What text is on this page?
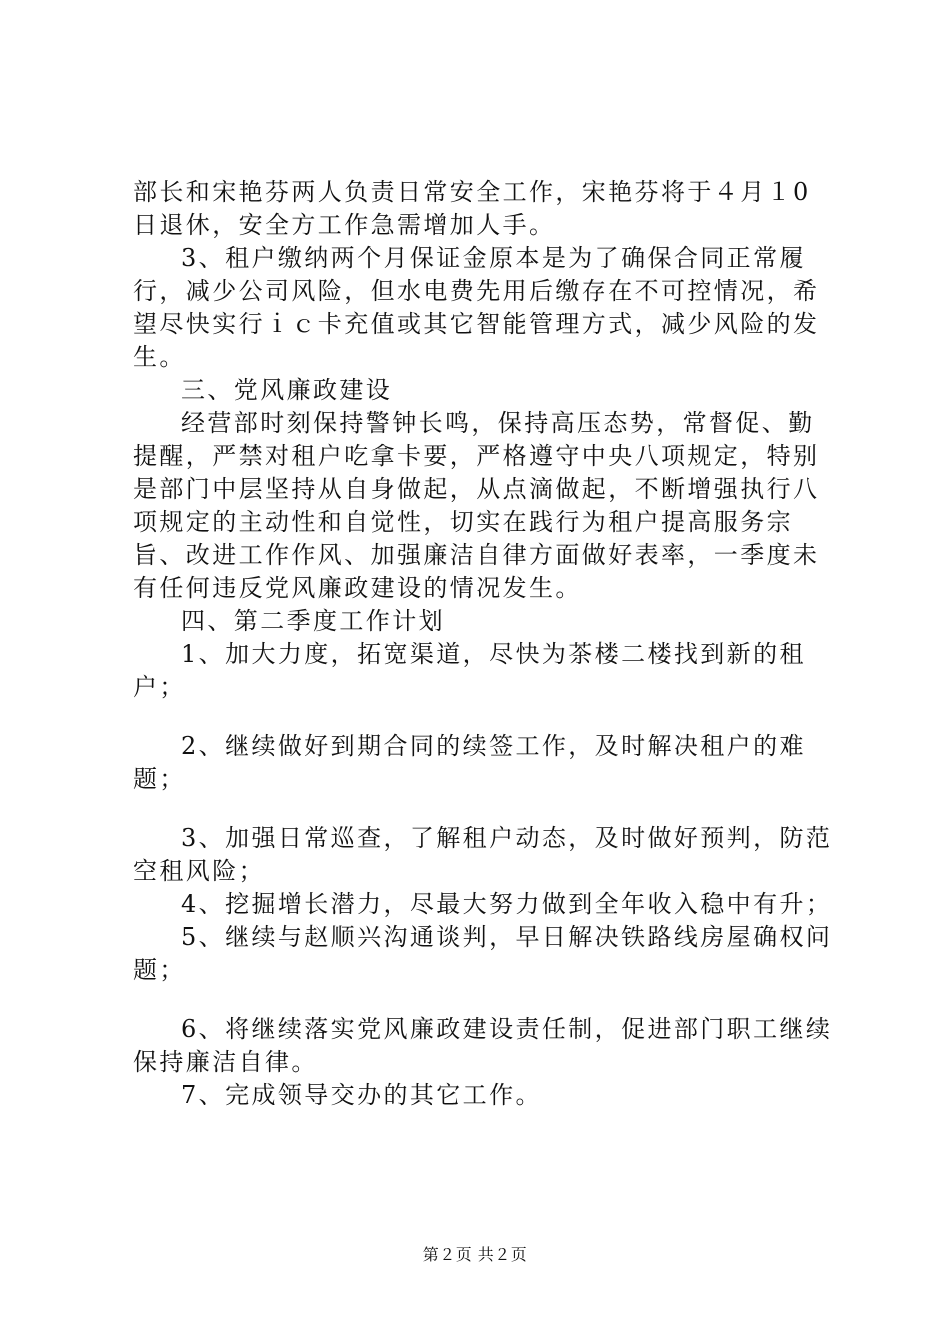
部长和宋艳芬两人负责日常安全工作，宋艳芬将于４月１0日退休，安全方工作急需增加人手。

3、租户缴纳两个月保证金原本是为了确保合同正常履行，减少公司风险，但水电费先用后缴存在不可控情况，希望尽快实行ｉｃ卡充值或其它智能管理方式，减少风险的发生。

三、党风廉政建设

经营部时刻保持警钟长鸣，保持高压态势，常督促、勤提醒，严禁对租户吃拿卡要，严格遵守中央八项规定，特别是部门中层坚持从自身做起，从点滴做起，不断增强执行八项规定的主动性和自觉性，切实在践行为租户提高服务宗旨、改进工作作风、加强廉洁自律方面做好表率，一季度未有任何违反党风廉政建设的情况发生。

四、第二季度工作计划

1、加大力度，拓宽渠道，尽快为茶楼二楼找到新的租户；

2、继续做好到期合同的续签工作，及时解决租户的难题；

3、加强日常巡查，了解租户动态，及时做好预判，防范空租风险；

4、挖掘增长潜力，尽最大努力做到全年收入稳中有升；

5、继续与赵顺兴沟通谈判，早日解决铁路线房屋确权问题；

6、将继续落实党风廉政建设责任制，促进部门职工继续保持廉洁自律。

7、完成领导交办的其它工作。

第２页 共２页
